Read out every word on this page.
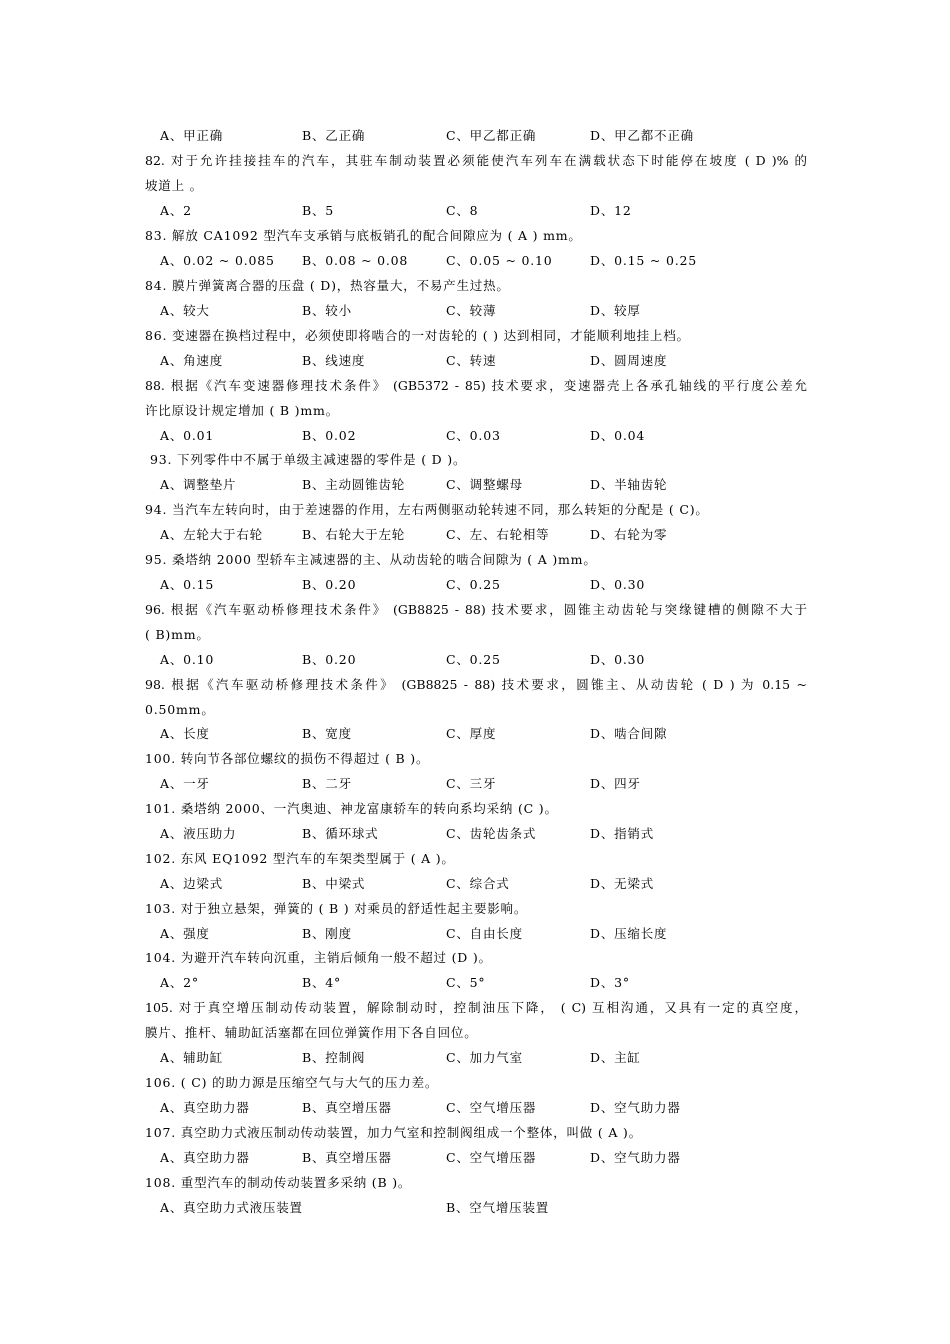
A、甲正确	B、乙正确	C、甲乙都正确	D、甲乙都不正确
82. 对于允许挂接挂车的汽车，其驻车制动装置必须能使汽车列车在满载状态下时能停在坡度 ( D )% 的
坡道上 。
A、2	B、5	C、8	D、12
83. 解放 CA1092 型汽车支承销与底板销孔的配合间隙应为 ( A ) mm。
A、0.02 ~ 0.085 B、0.08 ~ 0.08	C、0.05 ~ 0.10	D、0.15 ~ 0.25
84. 膜片弹簧离合器的压盘 ( D)，热容量大，不易产生过热。
A、较大	B、较小	C、较薄	D、较厚
86. 变速器在换档过程中，必须使即将啮合的一对齿轮的 ( ) 达到相同，才能顺利地挂上档。
A、角速度	B、线速度	C、转速	D、圆周速度
88. 根据《汽车变速器修理技术条件》 (GB5372 - 85) 技术要求，变速器壳上各承孔轴线的平行度公差允
许比原设计规定增加 ( B )mm。
A、0.01	B、0.02	C、0.03	D、0.04
93. 下列零件中不属于单级主减速器的零件是 ( D )。
A、调整垫片	B、主动圆锥齿轮	C、调整螺母	D、半轴齿轮
94. 当汽车左转向时，由于差速器的作用，左右两侧驱动轮转速不同，那么转矩的分配是 ( C)。
A、左轮大于右轮	B、右轮大于左轮	C、左、右轮相等	D、右轮为零
95. 桑塔纳 2000 型轿车主减速器的主、从动齿轮的啮合间隙为 ( A )mm。
A、0.15	B、0.20	C、0.25	D、0.30
96. 根据《汽车驱动桥修理技术条件》 (GB8825 - 88) 技术要求，圆锥主动齿轮与突缘键槽的侧隙不大于
( B)mm。
A、0.10	B、0.20	C、0.25	D、0.30
98. 根据《汽车驱动桥修理技术条件》 (GB8825 - 88) 技术要求，圆锥主、从动齿轮 ( D ) 为 0.15 ~
0.50mm。
A、长度	B、宽度	C、厚度	D、啮合间隙
100. 转向节各部位螺纹的损伤不得超过 ( B )。
A、一牙	B、二牙	C、三牙	D、四牙
101. 桑塔纳 2000、一汽奥迪、神龙富康轿车的转向系均采纳 (C )。
A、液压助力	B、循环球式	C、齿轮齿条式	D、指销式
102. 东风 EQ1092 型汽车的车架类型属于 ( A )。
A、边梁式	B、中梁式	C、综合式	D、无梁式
103. 对于独立悬架，弹簧的 ( B ) 对乘员的舒适性起主要影响。
A、强度	B、刚度	C、自由长度	D、压缩长度
104. 为避开汽车转向沉重，主销后倾角一般不超过 (D )。
A、2°	B、4°	C、5°	D、3°
105. 对于真空增压制动传动装置，解除制动时，控制油压下降， ( C) 互相沟通，又具有一定的真空度，
膜片、推杆、辅助缸活塞都在回位弹簧作用下各自回位。
A、辅助缸	B、控制阀	C、加力气室	D、主缸
106. ( C) 的助力源是压缩空气与大气的压力差。
A、真空助力器	B、真空增压器	C、空气增压器	D、空气助力器
107. 真空助力式液压制动传动装置，加力气室和控制阀组成一个整体，叫做 ( A )。
A、真空助力器	B、真空增压器	C、空气增压器	D、空气助力器
108. 重型汽车的制动传动装置多采纳 (B )。
A、真空助力式液压装置	B、空气增压装置
